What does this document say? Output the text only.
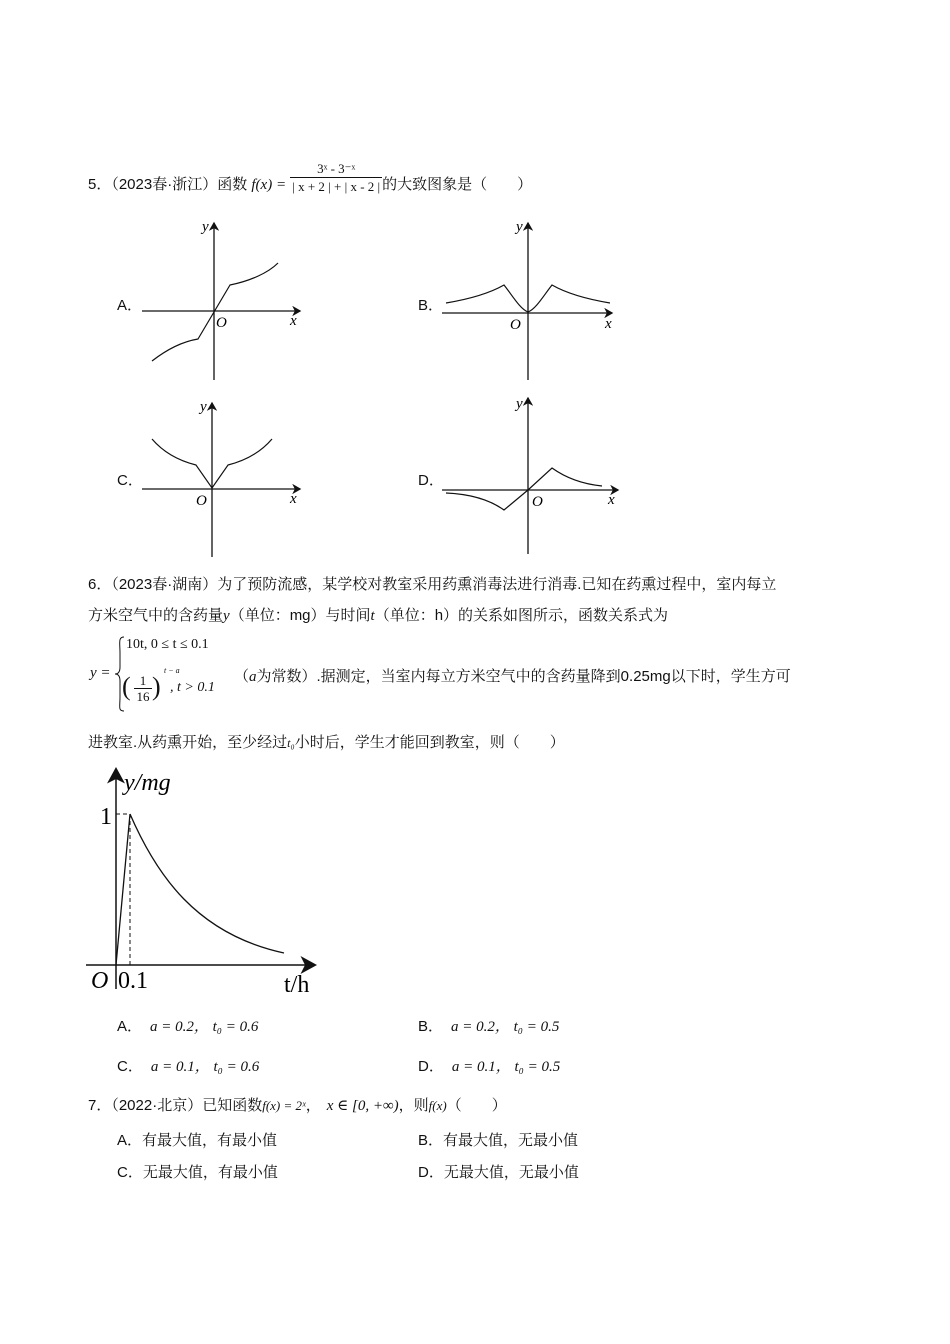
5．（2023春·浙江）函数 $f(x) = \frac{\text{3ˣ - 3⁻ˣ}}{| x + 2 | + | x - 2 |}$ 的大致图象是（　　）
A．
y
x
O
B．
y
x
O
C．
y
x
O
D．
y
x
O
6．（2023春·湖南）为了预防流感，某学校对教室采用药熏消毒法进行消毒.已知在药熏过程中，室内每立
方米空气中的含药量y（单位：mg）与时间t（单位：h）的关系如图所示，函数关系式为
y =
10t, 0 ≤ t ≤ 0.1
( $\frac{1}{16}$ )
t − a
, t > 0.1
（a为常数）.据测定，当室内每立方米空气中的含药量降到0.25mg以下时，学生方可
进教室.从药熏开始，至少经过t₀小时后，学生才能回到教室，则（　　）
y/mg
1
O 0.1	t/h
A． a = 0.2， t₀ = 0.6	B． a = 0.2， t₀ = 0.5
C． a = 0.1， t₀ = 0.6	D． a = 0.1， t₀ = 0.5
7．（2022·北京）已知函数f(x) = 2ˣ， x ∈ [0, +∞)，则f(x)（　　）
A．有最大值，有最小值	B．有最大值，无最小值
C．无最大值，有最小值	D．无最大值，无最小值
